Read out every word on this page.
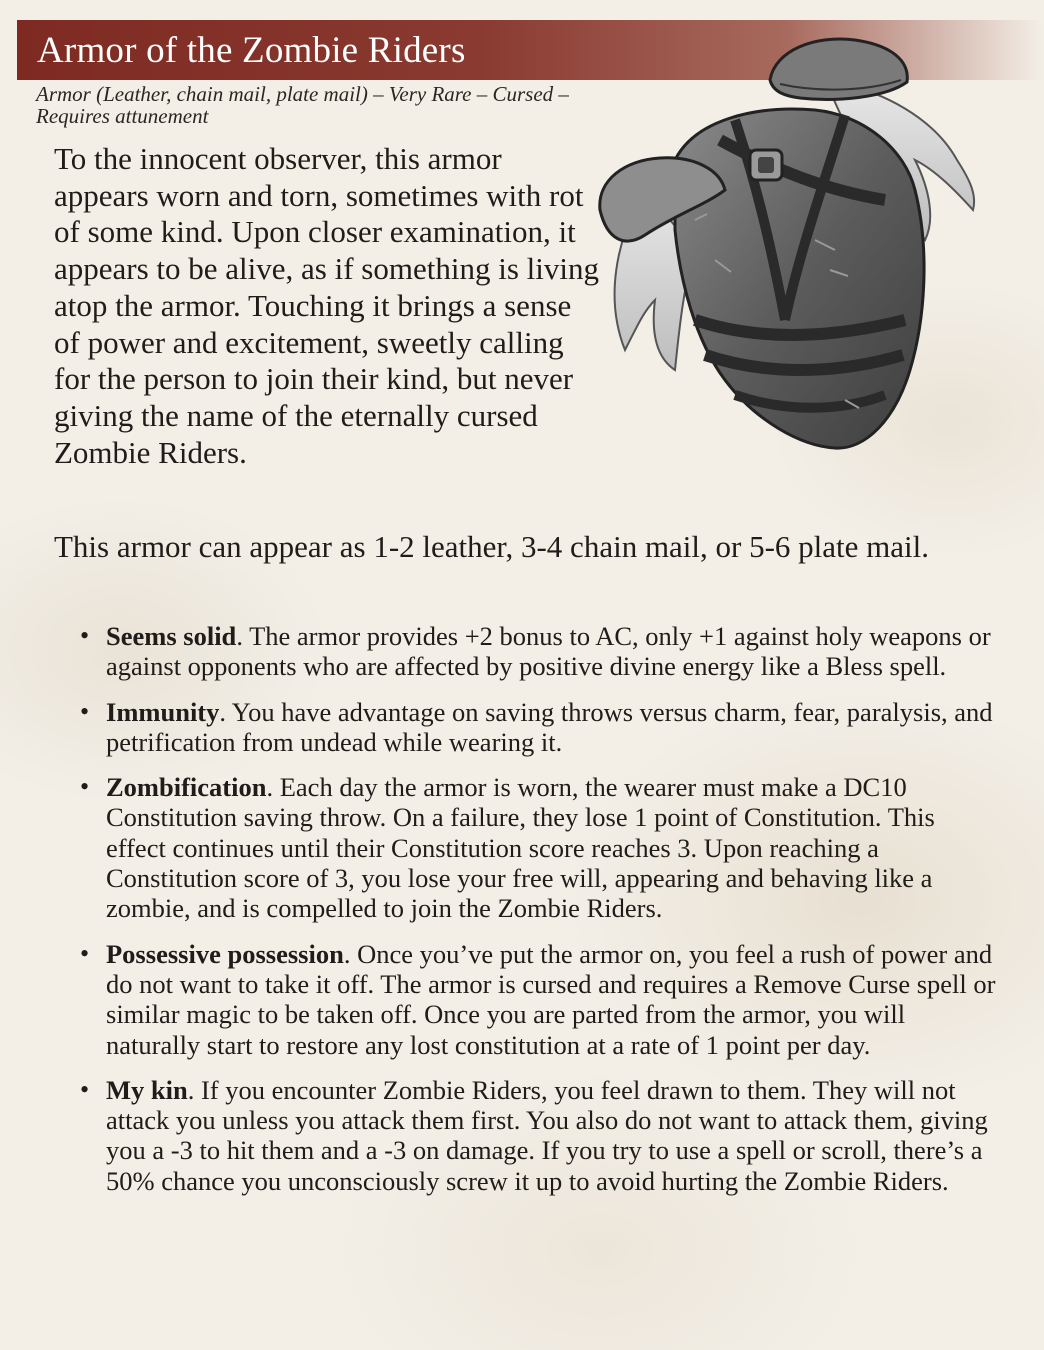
Armor of the Zombie Riders

Armor (Leather, chain mail, plate mail) – Very Rare – Cursed – Requires attunement

To the innocent observer, this armor appears worn and torn, sometimes with rot of some kind. Upon closer examination, it appears to be alive, as if something is living atop the armor. Touching it brings a sense of power and excitement, sweetly calling for the person to join their kind, but never giving the name of the eternally cursed Zombie Riders.

This armor can appear as 1-2 leather, 3-4 chain mail, or 5-6 plate mail.

• Seems solid. The armor provides +2 bonus to AC, only +1 against holy weapons or against opponents who are affected by positive divine energy like a Bless spell.
• Immunity. You have advantage on saving throws versus charm, fear, paralysis, and petrification from undead while wearing it.
• Zombification. Each day the armor is worn, the wearer must make a DC10 Constitution saving throw. On a failure, they lose 1 point of Constitution. This effect continues until their Constitution score reaches 3. Upon reaching a Constitution score of 3, you lose your free will, appearing and behaving like a zombie, and is compelled to join the Zombie Riders.
• Possessive possession. Once you’ve put the armor on, you feel a rush of power and do not want to take it off. The armor is cursed and requires a Remove Curse spell or similar magic to be taken off. Once you are parted from the armor, you will naturally start to restore any lost constitution at a rate of 1 point per day.
• My kin. If you encounter Zombie Riders, you feel drawn to them. They will not attack you unless you attack them first. You also do not want to attack them, giving you a -3 to hit them and a -3 on damage. If you try to use a spell or scroll, there’s a 50% chance you unconsciously screw it up to avoid hurting the Zombie Riders.
